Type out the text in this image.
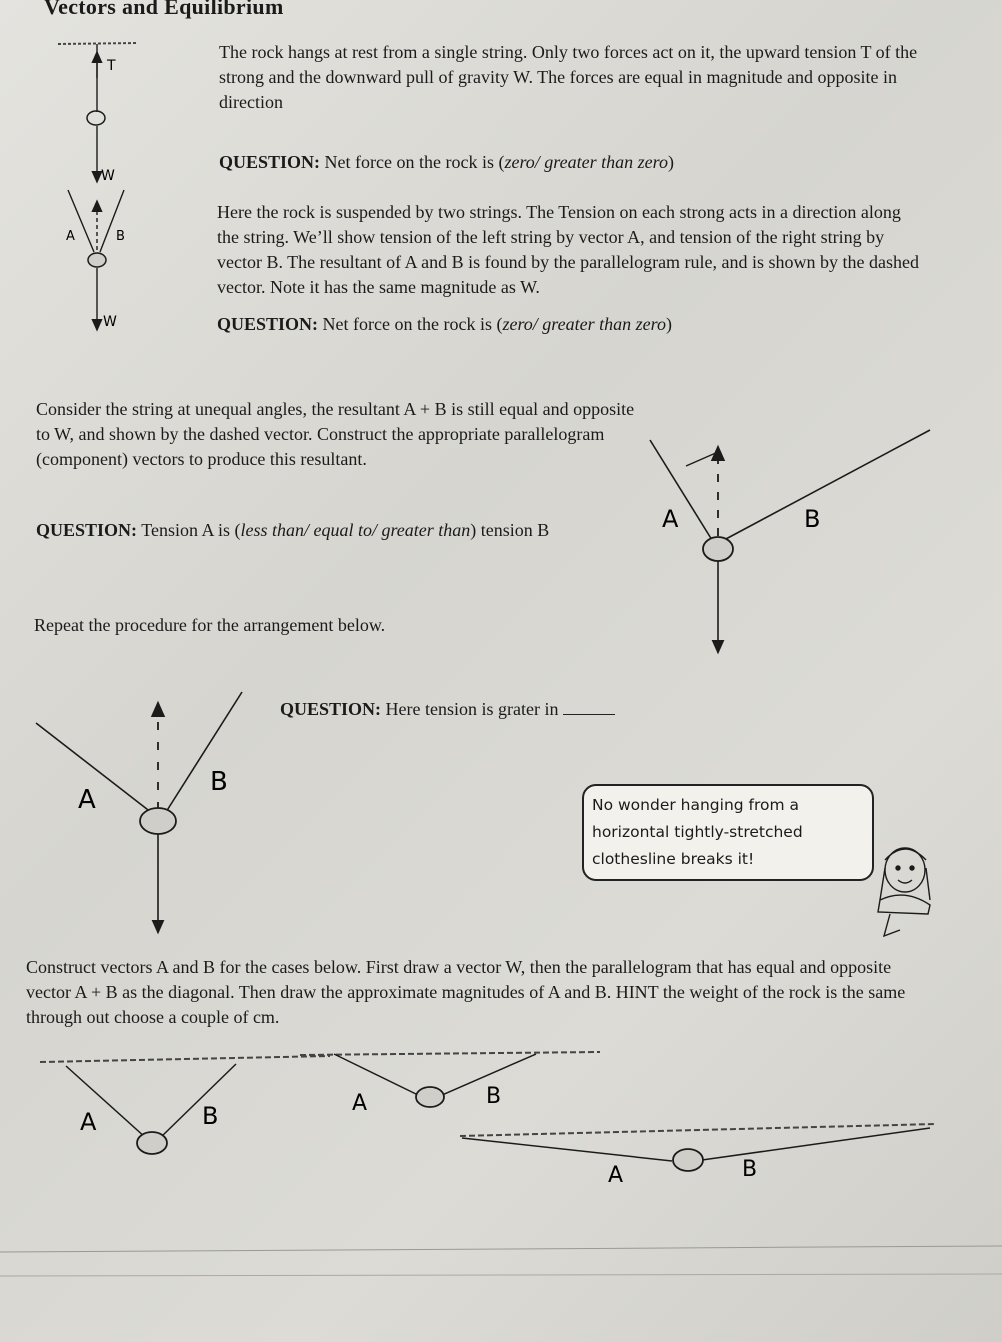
Vectors and Equilibrium
The rock hangs at rest from a single string. Only two forces act on it, the upward tension T of the strong and the downward pull of gravity W. The forces are equal in magnitude and opposite in direction
QUESTION: Net force on the rock is (zero/ greater than zero)
Here the rock is suspended by two strings. The Tension on each strong acts in a direction along the string. We’ll show tension of the left string by vector A, and tension of the right string by vector B. The resultant of A and B is found by the parallelogram rule, and is shown by the dashed vector. Note it has the same magnitude as W.
QUESTION: Net force on the rock is (zero/ greater than zero)
Consider the string at unequal angles, the resultant A + B is still equal and opposite to W, and shown by the dashed vector. Construct the appropriate parallelogram (component) vectors to produce this resultant.
QUESTION: Tension A is (less than/ equal to/ greater than) tension B
Repeat the procedure for the arrangement below.
QUESTION: Here tension is grater in
No wonder hanging from a horizontal tightly-stretched clothesline breaks it!
Construct vectors A and B for the cases below. First draw a vector W, then the parallelogram that has equal and opposite vector A + B as the diagonal. Then draw the approximate magnitudes of A and B. HINT the weight of the rock is the same through out choose a couple of cm.
T
W
A	B
W
A	B
A
B
A	B	A	B
A	B
